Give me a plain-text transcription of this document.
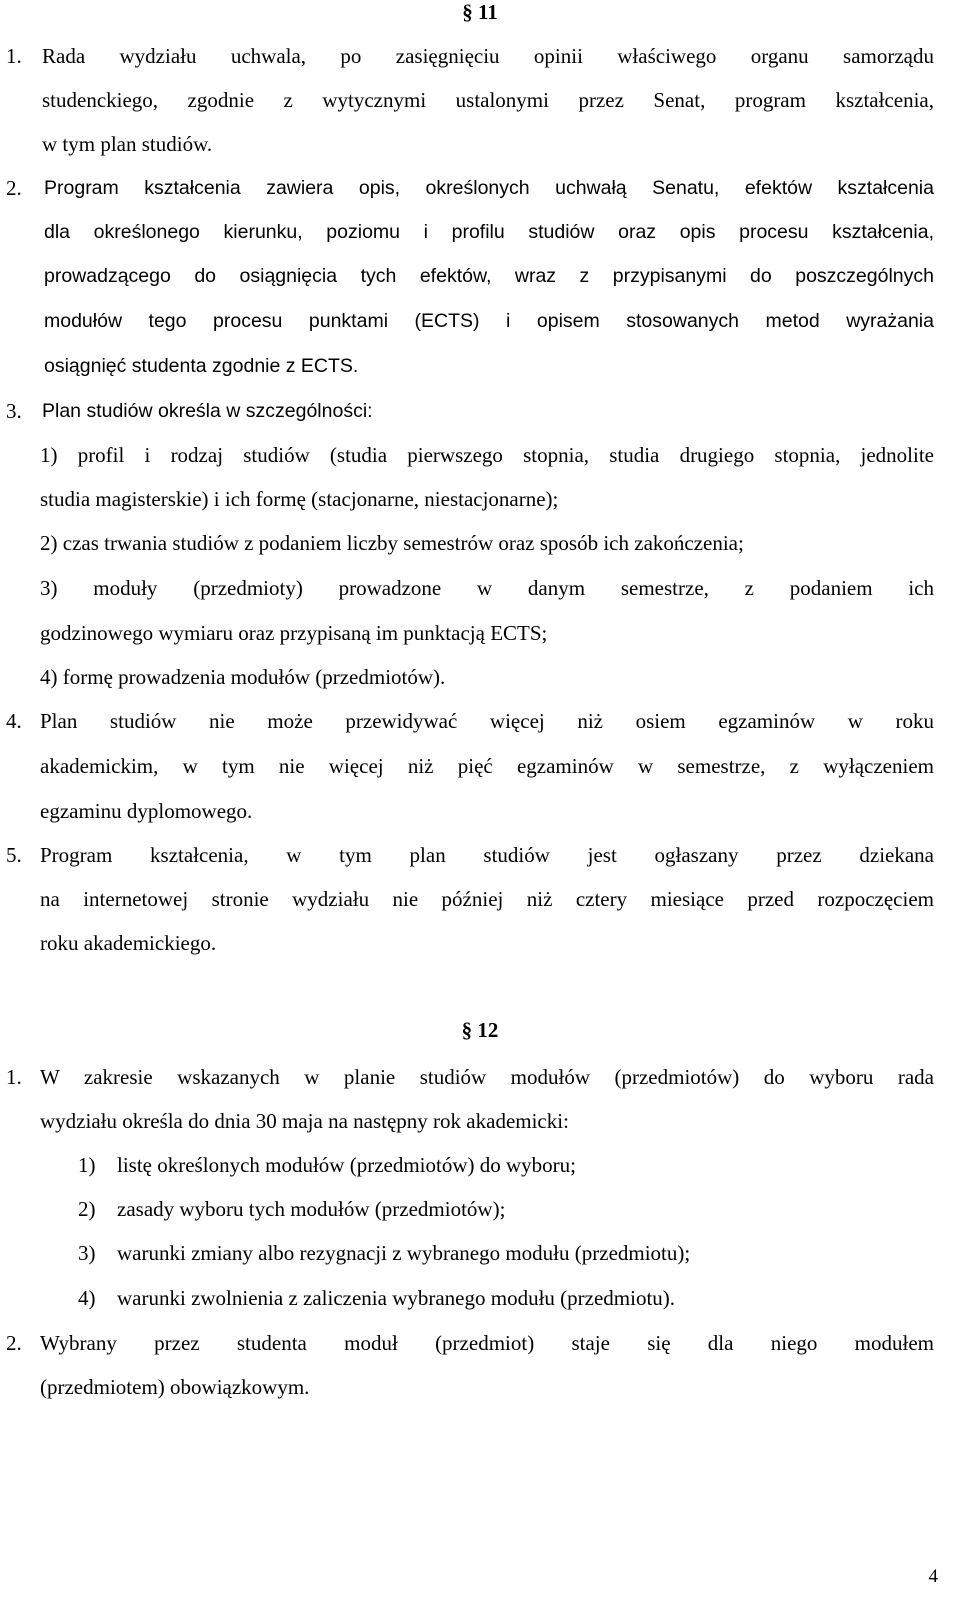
§ 11
1. Rada wydziału uchwala, po zasięgnięciu opinii właściwego organu samorządu
studenckiego, zgodnie z wytycznymi ustalonymi przez Senat, program kształcenia,
w tym plan studiów.
2. Program kształcenia zawiera opis, określonych uchwałą Senatu, efektów kształcenia
dla określonego kierunku, poziomu i profilu studiów oraz opis procesu kształcenia,
prowadzącego do osiągnięcia tych efektów, wraz z przypisanymi do poszczególnych
modułów tego procesu punktami (ECTS) i opisem stosowanych metod wyrażania
osiągnięć studenta zgodnie z ECTS.
3. Plan studiów określa w szczególności:
1) profil i rodzaj studiów (studia pierwszego stopnia, studia drugiego stopnia, jednolite
studia magisterskie) i ich formę (stacjonarne, niestacjonarne);
2) czas trwania studiów z podaniem liczby semestrów oraz sposób ich zakończenia;
3) moduły (przedmioty) prowadzone w danym semestrze, z podaniem ich
godzinowego wymiaru oraz przypisaną im punktacją ECTS;
4) formę prowadzenia modułów (przedmiotów).
4. Plan studiów nie może przewidywać więcej niż osiem egzaminów w roku
akademickim, w tym nie więcej niż pięć egzaminów w semestrze, z wyłączeniem
egzaminu dyplomowego.
5. Program kształcenia, w tym plan studiów jest ogłaszany przez dziekana
na internetowej stronie wydziału nie później niż cztery miesiące przed rozpoczęciem
roku akademickiego.
§ 12
1. W zakresie wskazanych w planie studiów modułów (przedmiotów) do wyboru rada
wydziału określa do dnia 30 maja na następny rok akademicki:
1) listę określonych modułów (przedmiotów) do wyboru;
2) zasady wyboru tych modułów (przedmiotów);
3) warunki zmiany albo rezygnacji z wybranego modułu (przedmiotu);
4) warunki zwolnienia z zaliczenia wybranego modułu (przedmiotu).
2. Wybrany przez studenta moduł (przedmiot) staje się dla niego modułem
(przedmiotem) obowiązkowym.
4
